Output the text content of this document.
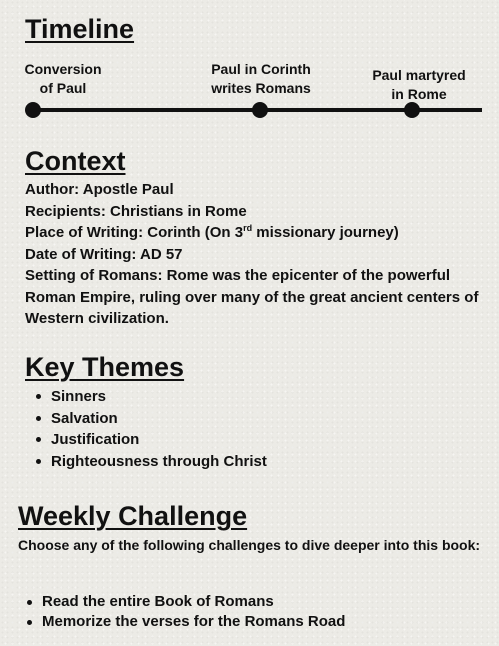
Timeline
Conversion
of Paul
Paul in Corinth
writes Romans
Paul martyred
in Rome
Context

Author: Apostle Paul

Recipients: Christians in Rome

Place of Writing: Corinth (On 3rd missionary journey)

Date of Writing: AD 57

Setting of Romans: Rome was the epicenter of the powerful Roman Empire, ruling over many of the great ancient centers of Western civilization.

Key Themes
Sinners
Salvation
Justification
Righteousness through Christ
Weekly Challenge

Choose any of the following challenges to dive deeper into this book:

Read the entire Book of Romans
Memorize the verses for the Romans Road
